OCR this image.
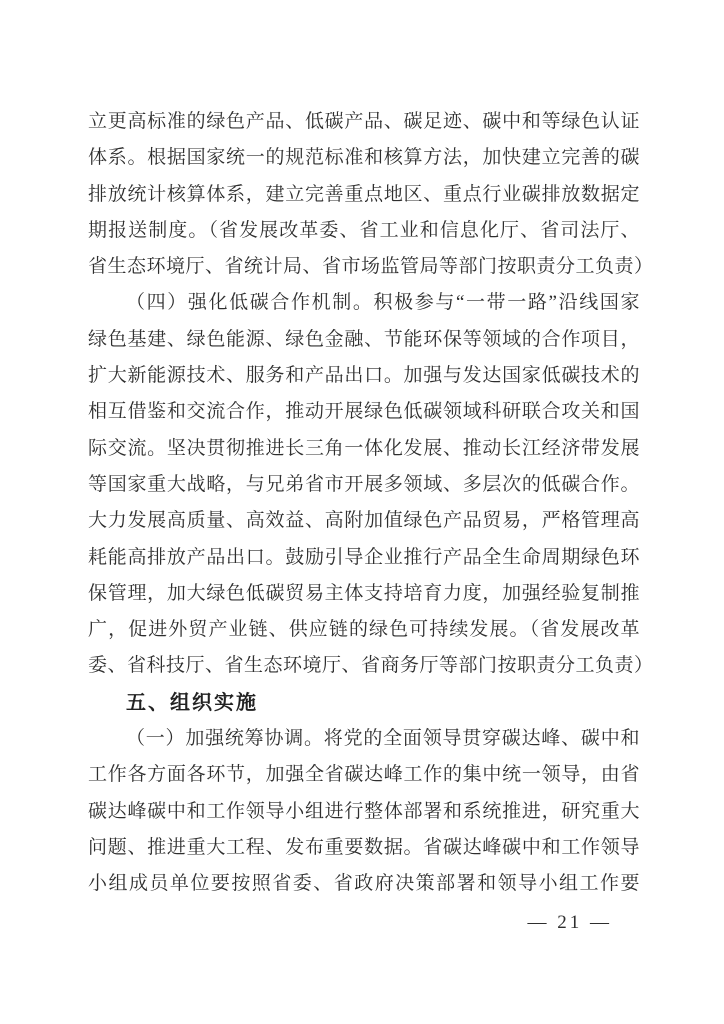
立更高标准的绿色产品、低碳产品、碳足迹、碳中和等绿色认证
体系。根据国家统一的规范标准和核算方法，加快建立完善的碳
排放统计核算体系，建立完善重点地区、重点行业碳排放数据定
期报送制度。（省发展改革委、省工业和信息化厅、省司法厅、
省生态环境厅、省统计局、省市场监管局等部门按职责分工负责）
（四）强化低碳合作机制。积极参与“一带一路”沿线国家
绿色基建、绿色能源、绿色金融、节能环保等领域的合作项目，
扩大新能源技术、服务和产品出口。加强与发达国家低碳技术的
相互借鉴和交流合作，推动开展绿色低碳领域科研联合攻关和国
际交流。坚决贯彻推进长三角一体化发展、推动长江经济带发展
等国家重大战略，与兄弟省市开展多领域、多层次的低碳合作。
大力发展高质量、高效益、高附加值绿色产品贸易，严格管理高
耗能高排放产品出口。鼓励引导企业推行产品全生命周期绿色环
保管理，加大绿色低碳贸易主体支持培育力度，加强经验复制推
广，促进外贸产业链、供应链的绿色可持续发展。（省发展改革
委、省科技厅、省生态环境厅、省商务厅等部门按职责分工负责）
五、组织实施
（一）加强统筹协调。将党的全面领导贯穿碳达峰、碳中和
工作各方面各环节，加强全省碳达峰工作的集中统一领导，由省
碳达峰碳中和工作领导小组进行整体部署和系统推进，研究重大
问题、推进重大工程、发布重要数据。省碳达峰碳中和工作领导
小组成员单位要按照省委、省政府决策部署和领导小组工作要
— 21 —
